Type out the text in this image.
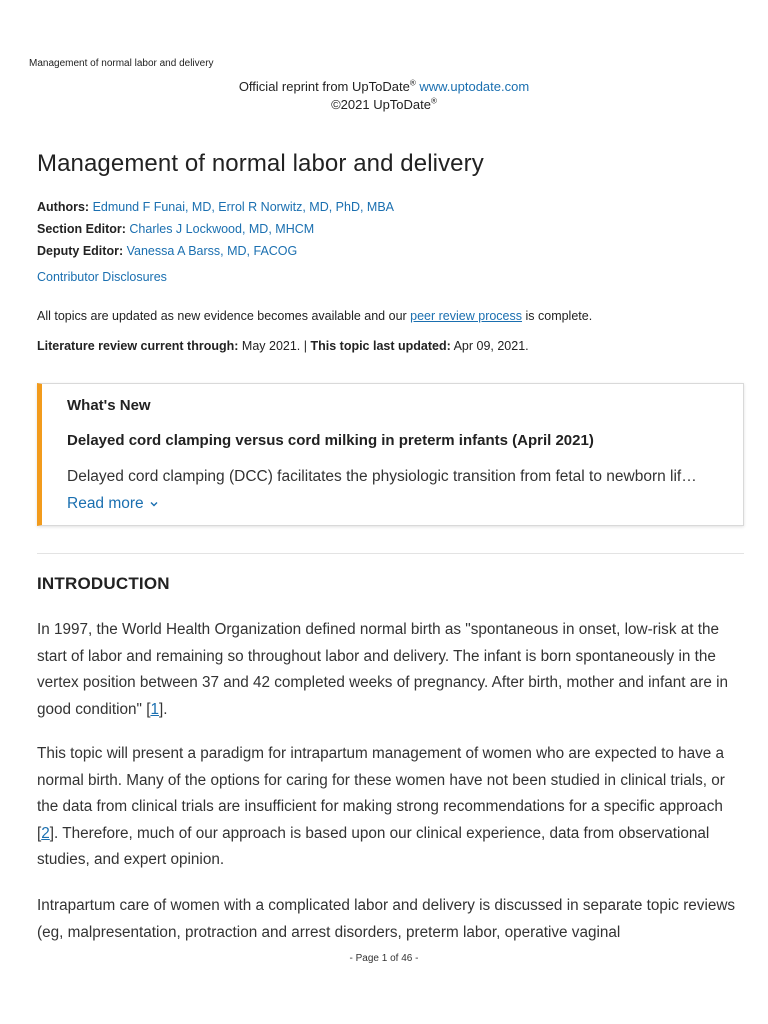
Management of normal labor and delivery
Official reprint from UpToDate® www.uptodate.com
©2021 UpToDate®
Management of normal labor and delivery
Authors: Edmund F Funai, MD, Errol R Norwitz, MD, PhD, MBA
Section Editor: Charles J Lockwood, MD, MHCM
Deputy Editor: Vanessa A Barss, MD, FACOG
Contributor Disclosures
All topics are updated as new evidence becomes available and our peer review process is complete.
Literature review current through: May 2021. | This topic last updated: Apr 09, 2021.
What's New
Delayed cord clamping versus cord milking in preterm infants (April 2021)
Delayed cord clamping (DCC) facilitates the physiologic transition from fetal to newborn lif…
Read more
INTRODUCTION

In 1997, the World Health Organization defined normal birth as "spontaneous in onset, low-risk at the start of labor and remaining so throughout labor and delivery. The infant is born spontaneously in the vertex position between 37 and 42 completed weeks of pregnancy. After birth, mother and infant are in good condition" [1].

This topic will present a paradigm for intrapartum management of women who are expected to have a normal birth. Many of the options for caring for these women have not been studied in clinical trials, or the data from clinical trials are insufficient for making strong recommendations for a specific approach [2]. Therefore, much of our approach is based upon our clinical experience, data from observational studies, and expert opinion.

Intrapartum care of women with a complicated labor and delivery is discussed in separate topic reviews (eg, malpresentation, protraction and arrest disorders, preterm labor, operative vaginal

- Page 1 of 46 -
